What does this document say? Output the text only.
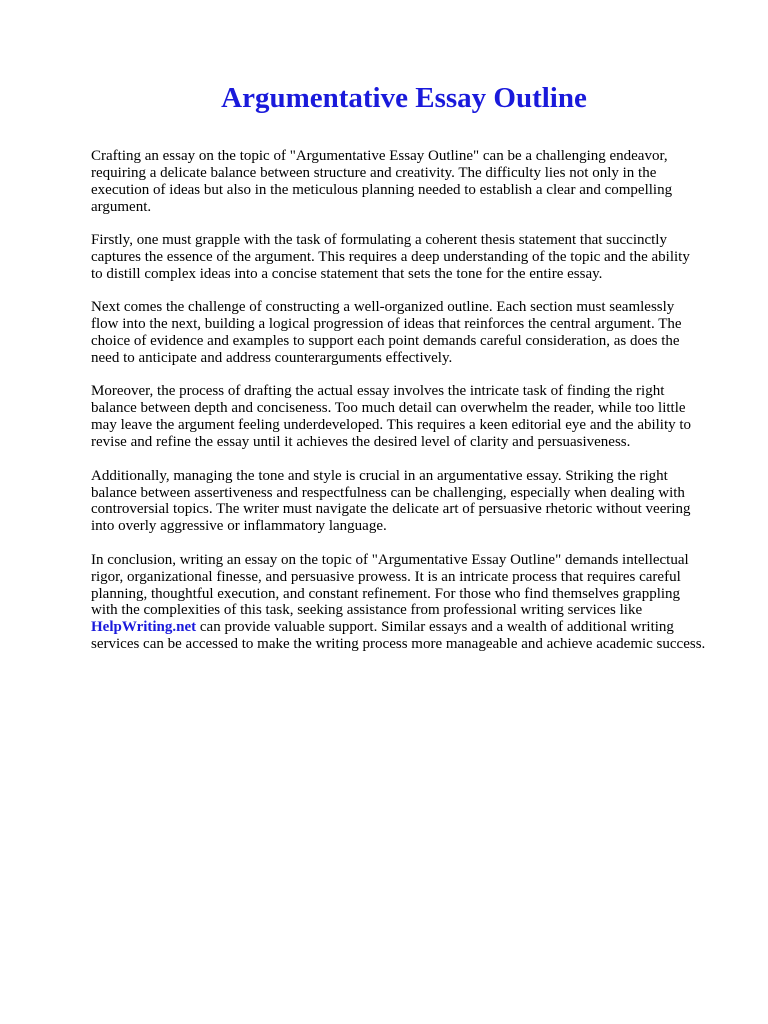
Argumentative Essay Outline

Crafting an essay on the topic of "Argumentative Essay Outline" can be a challenging endeavor,
requiring a delicate balance between structure and creativity. The difficulty lies not only in the
execution of ideas but also in the meticulous planning needed to establish a clear and compelling
argument.

Firstly, one must grapple with the task of formulating a coherent thesis statement that succinctly
captures the essence of the argument. This requires a deep understanding of the topic and the ability
to distill complex ideas into a concise statement that sets the tone for the entire essay.

Next comes the challenge of constructing a well-organized outline. Each section must seamlessly
flow into the next, building a logical progression of ideas that reinforces the central argument. The
choice of evidence and examples to support each point demands careful consideration, as does the
need to anticipate and address counterarguments effectively.

Moreover, the process of drafting the actual essay involves the intricate task of finding the right
balance between depth and conciseness. Too much detail can overwhelm the reader, while too little
may leave the argument feeling underdeveloped. This requires a keen editorial eye and the ability to
revise and refine the essay until it achieves the desired level of clarity and persuasiveness.

Additionally, managing the tone and style is crucial in an argumentative essay. Striking the right
balance between assertiveness and respectfulness can be challenging, especially when dealing with
controversial topics. The writer must navigate the delicate art of persuasive rhetoric without veering
into overly aggressive or inflammatory language.

In conclusion, writing an essay on the topic of "Argumentative Essay Outline" demands intellectual
rigor, organizational finesse, and persuasive prowess. It is an intricate process that requires careful
planning, thoughtful execution, and constant refinement. For those who find themselves grappling
with the complexities of this task, seeking assistance from professional writing services like
HelpWriting.net can provide valuable support. Similar essays and a wealth of additional writing
services can be accessed to make the writing process more manageable and achieve academic success.
